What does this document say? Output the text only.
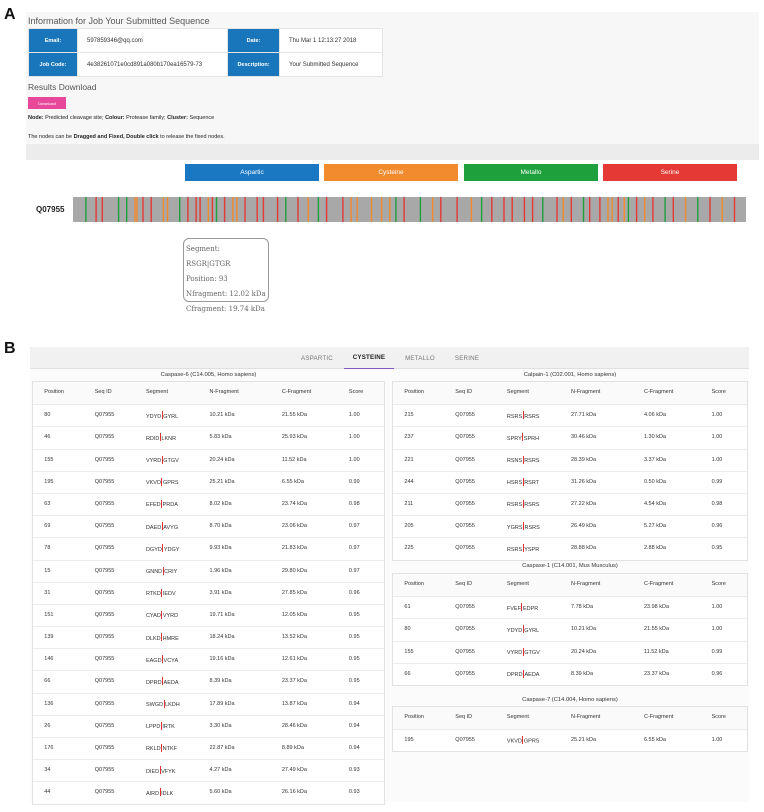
A Information for Job Your Submitted Sequence
Email:	597859346@qq.com	Date:	Thu Mar 1 12:13:27 2018
Job Code:	4e38261071e0cd891a080b170ea16579-73	Description:	Your Submitted Sequence
Results Download
Download
Node: Predicted cleavage site; Colour: Protease family; Cluster: Sequence
The nodes can be Dragged and Fixed, Double click to release the fixed nodes.
Aspartic	Cysteine	Metallo	Serine
Q07955
Segment: RSGR|GTGR
Position: 93
Nfragment: 12.02 kDa
Cfragment: 19.74 kDa
B
ASPARTIC	CYSTEINE	METALLO	SERINE
Caspase-6 (C14.005, Homo sapiens)
Position	Seq ID	Segment	N-Fragment	C-Fragment	Score
80	Q07955	YDYD GYRL	10.21 kDa	21.55 kDa	1.00
46	Q07955	RDID LKNR	5.83 kDa	25.93 kDa	1.00
155	Q07955	VYRD GTGV	20.24 kDa	11.52 kDa	1.00
195	Q07955	VKVD GPRS	25.21 kDa	6.55 kDa	0.99
63	Q07955	EFED PRDA	8.02 kDa	23.74 kDa	0.98
69	Q07955	DAED AVYG	8.70 kDa	23.06 kDa	0.97
78	Q07955	DGYD YDGY	9.93 kDa	21.83 kDa	0.97
15	Q07955	GNND CRIY	1.96 kDa	29.80 kDa	0.97
31	Q07955	RTKD IEDV	3.91 kDa	27.85 kDa	0.96
151	Q07955	CYAD VYRD	19.71 kDa	12.05 kDa	0.95
139	Q07955	DLKD HMRE	18.24 kDa	13.52 kDa	0.95
146	Q07955	EAGD VCYA	19.16 kDa	12.61 kDa	0.95
66	Q07955	DPRD AEDA	8.39 kDa	23.37 kDa	0.95
136	Q07955	SWGD LKDH	17.89 kDa	13.87 kDa	0.94
26	Q07955	LPPD IRTK	3.30 kDa	28.46 kDa	0.94
176	Q07955	RKLD NTKF	22.87 kDa	8.89 kDa	0.94
34	Q07955	DIED VFYK	4.27 kDa	27.49 kDa	0.93
44	Q07955	AIRD IDLK	5.60 kDa	26.16 kDa	0.93
Calpain-1 (C02.001, Homo sapiens)
Position	Seq ID	Segment	N-Fragment	C-Fragment	Score
215	Q07955	RSRS RSRS	27.71 kDa	4.06 kDa	1.00
237	Q07955	SPRY SPRH	30.46 kDa	1.30 kDa	1.00
221	Q07955	RSNS RSRS	28.39 kDa	3.37 kDa	1.00
244	Q07955	HSRS RSRT	31.26 kDa	0.50 kDa	0.99
211	Q07955	RSRS RSRS	27.22 kDa	4.54 kDa	0.98
205	Q07955	YGRS RSRS	26.49 kDa	5.27 kDa	0.96
225	Q07955	RSRS YSPR	28.88 kDa	2.88 kDa	0.95
Caspase-1 (C14.001, Mus Musculus)
Position	Seq ID	Segment	N-Fragment	C-Fragment	Score
61	Q07955	FVEF EDPR	7.78 kDa	23.98 kDa	1.00
80	Q07955	YDYD GYRL	10.21 kDa	21.55 kDa	1.00
155	Q07955	VYRD GTGV	20.24 kDa	11.52 kDa	0.99
66	Q07955	DPRD AEDA	8.39 kDa	23.37 kDa	0.96
Caspase-7 (C14.004, Homo sapiens)
Position	Seq ID	Segment	N-Fragment	C-Fragment	Score
195	Q07955	VKVD GPRS	25.21 kDa	6.55 kDa	1.00
